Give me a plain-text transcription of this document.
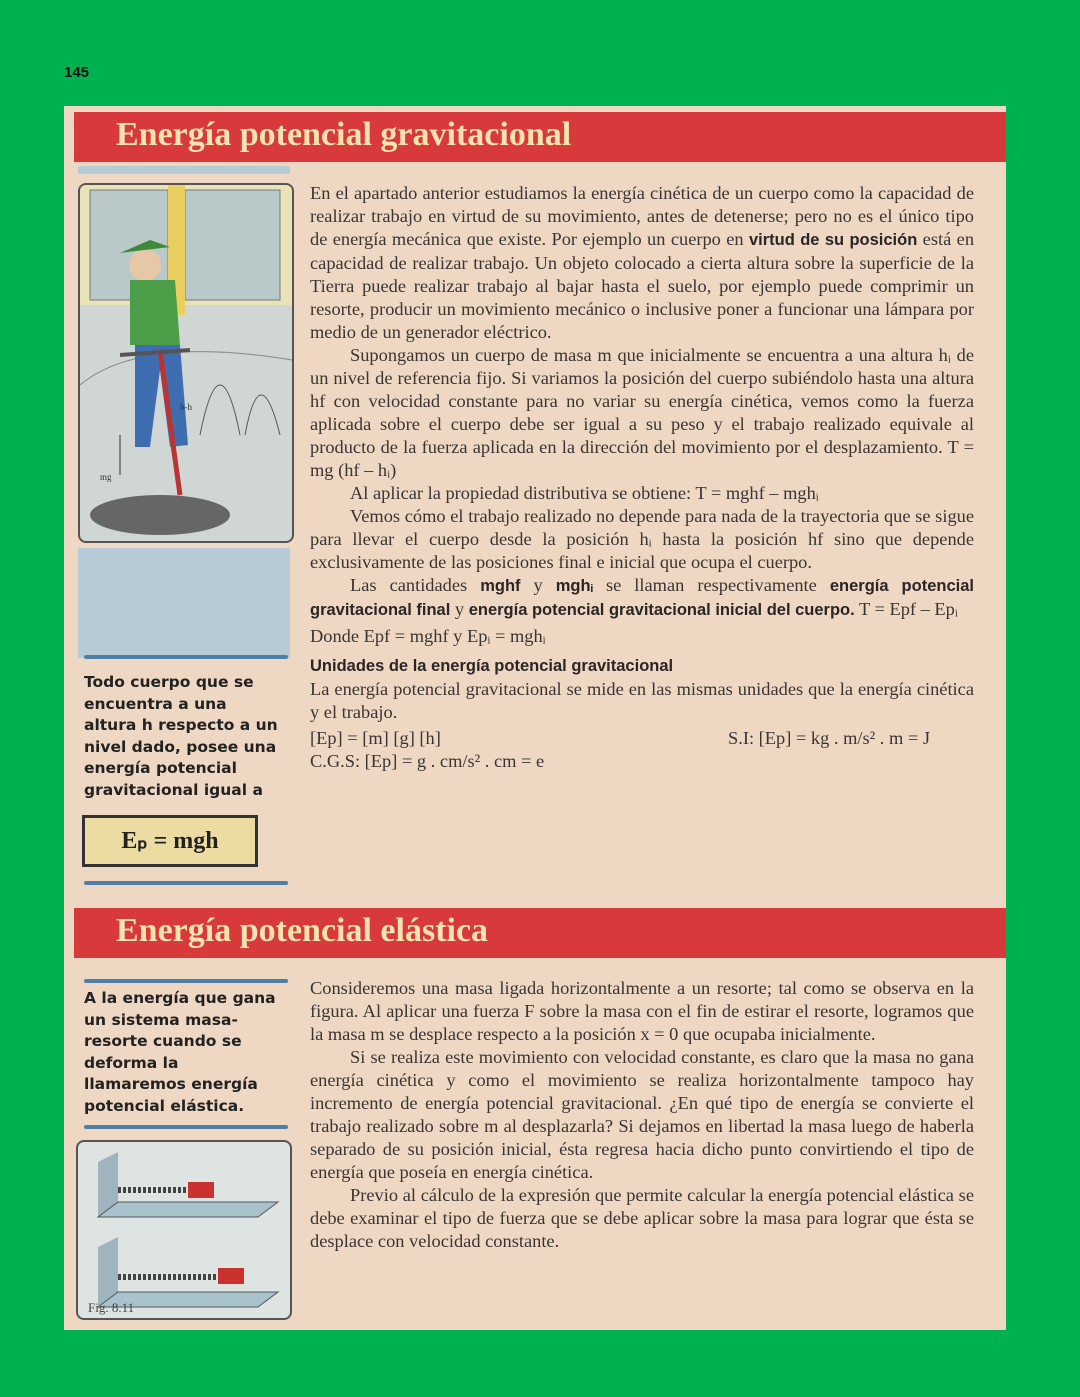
145
Energía potencial gravitacional
mg
h-h
Todo cuerpo que se encuentra a una altura h respecto a un nivel dado, posee una energía potencial gravitacional igual a
Eₚ = mgh

En el apartado anterior estudiamos la energía cinética de un cuerpo como la capacidad de realizar trabajo en virtud de su movimiento, antes de detenerse; pero no es el único tipo de energía mecánica que existe. Por ejemplo un cuerpo en virtud de su posición está en capacidad de realizar trabajo. Un objeto colocado a cierta altura sobre la superficie de la Tierra puede realizar trabajo al bajar hasta el suelo, por ejemplo puede comprimir un resorte, producir un movimiento mecánico o inclusive poner a funcionar una lámpara por medio de un generador eléctrico.

Supongamos un cuerpo de masa m que inicialmente se encuentra a una altura hᵢ de un nivel de referencia fijo. Si variamos la posición del cuerpo subiéndolo hasta una altura hf con velocidad constante para no variar su energía cinética, vemos como la fuerza aplicada sobre el cuerpo debe ser igual a su peso y el trabajo realizado equivale al producto de la fuerza aplicada en la dirección del movimiento por el desplazamiento. T = mg (hf – hᵢ)

Al aplicar la propiedad distributiva se obtiene: T = mghf – mghᵢ

Vemos cómo el trabajo realizado no depende para nada de la trayectoria que se sigue para llevar el cuerpo desde la posición hᵢ hasta la posición hf sino que depende exclusivamente de las posiciones final e inicial que ocupa el cuerpo.

Las cantidades mghf y mghᵢ se llaman respectivamente energía potencial gravitacional final y energía potencial gravitacional inicial del cuerpo. T = Epf – Epᵢ

Donde Epf = mghf y Epᵢ = mghᵢ

Unidades de la energía potencial gravitacional

La energía potencial gravitacional se mide en las mismas unidades que la energía cinética y el trabajo.

[Ep] = [m] [g] [h]	S.I: [Ep] = kg . m/s² . m = J

C.G.S: [Ep] = g . cm/s² . cm = e

Energía potencial elástica
A la energía que gana un sistema masa-resorte cuando se deforma la llamaremos energía potencial elástica.
Fig. 8.11

Consideremos una masa ligada horizontalmente a un resorte; tal como se observa en la figura. Al aplicar una fuerza F sobre la masa con el fin de estirar el resorte, logramos que la masa m se desplace respecto a la posición x = 0 que ocupaba inicialmente.

Si se realiza este movimiento con velocidad constante, es claro que la masa no gana energía cinética y como el movimiento se realiza horizontalmente tampoco hay incremento de energía potencial gravitacional. ¿En qué tipo de energía se convierte el trabajo realizado sobre m al desplazarla? Si dejamos en libertad la masa luego de haberla separado de su posición inicial, ésta regresa hacia dicho punto convirtiendo el tipo de energía que poseía en energía cinética.

Previo al cálculo de la expresión que permite calcular la energía potencial elástica se debe examinar el tipo de fuerza que se debe aplicar sobre la masa para lograr que ésta se desplace con velocidad constante.
